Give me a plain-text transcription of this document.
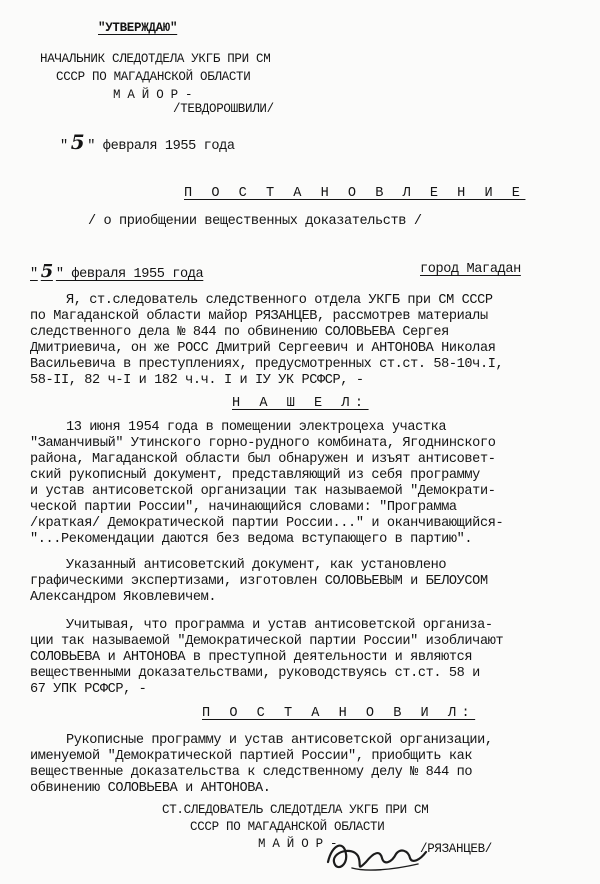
"УТВЕРЖДАЮ"
НАЧАЛЬНИК СЛЕДОТДЕЛА УКГБ ПРИ СМ
СССР ПО МАГАДАНСКОЙ ОБЛАСТИ
М А Й О Р -
/ТЕВДОРОШВИЛИ/
" 5 " февраля 1955 года
П О С Т А Н О В Л Е Н И Е
/ о приобщении вещественных доказательств /
" 5 " февраля 1955 года	город Магадан
Я, ст.следователь следственного отдела УКГБ при СМ СССР
по Магаданской области майор РЯЗАНЦЕВ, рассмотрев материалы
следственного дела № 844 по обвинению СОЛОВЬЕВА Сергея
Дмитриевича, он же РОСС Дмитрий Сергеевич и АНТОНОВА Николая
Васильевича в преступлениях, предусмотренных ст.ст. 58-10ч.I,
58-II, 82 ч-I и 182 ч.ч. I и IУ УК РСФСР, -
Н А Ш Е Л:
13 июня 1954 года в помещении электроцеха участка
"Заманчивый" Утинского горно-рудного комбината, Ягоднинского
района, Магаданской области был обнаружен и изъят антисовет-
ский рукописный документ, представляющий из себя программу
и устав антисоветской организации так называемой "Демократи-
ческой партии России", начинающийся словами: "Программа
/краткая/ Демократической партии России..." и оканчивающийся-
"...Рекомендации даются без ведома вступающего в партию".
Указанный антисоветский документ, как установлено
графическими экспертизами, изготовлен СОЛОВЬЕВЫМ и БЕЛОУСОМ
Александром Яковлевичем.
Учитывая, что программа и устав антисоветской организа-
ции так называемой "Демократической партии России" изобличают
СОЛОВЬЕВА и АНТОНОВА в преступной деятельности и являются
вещественными доказательствами, руководствуясь ст.ст. 58 и
67 УПК РСФСР, -
П О С Т А Н О В И Л:
Рукописные программу и устав антисоветской организации,
именуемой "Демократической партией России", приобщить как
вещественные доказательства к следственному делу № 844 по
обвинению СОЛОВЬЕВА и АНТОНОВА.
СТ.СЛЕДОВАТЕЛЬ СЛЕДОТДЕЛА УКГБ ПРИ СМ
СССР ПО МАГАДАНСКОЙ ОБЛАСТИ
М А Й О Р -	/РЯЗАНЦЕВ/
